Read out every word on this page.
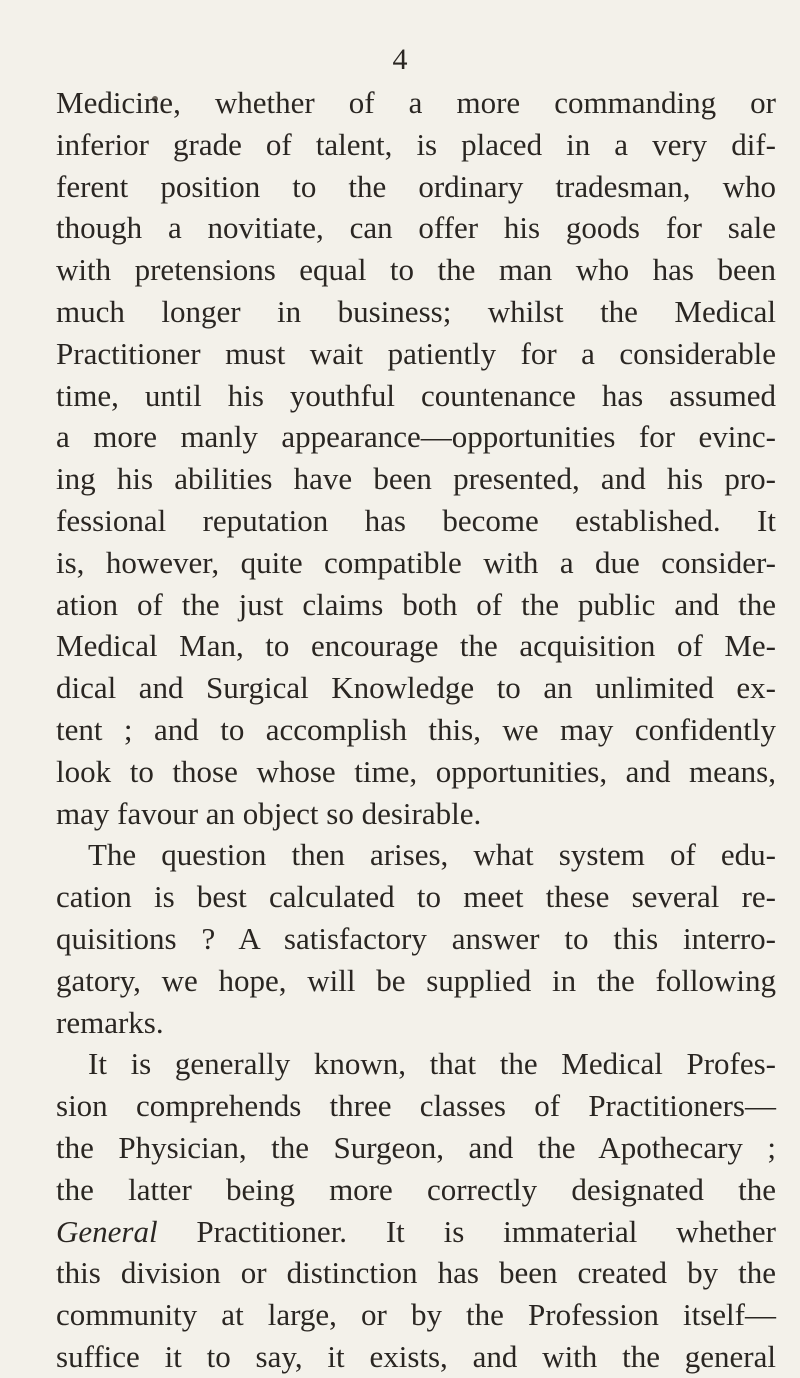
4
Medicine, whether of a more commanding or
inferior grade of talent, is placed in a very dif-
ferent position to the ordinary tradesman, who
though a novitiate, can offer his goods for sale
with pretensions equal to the man who has been
much longer in business; whilst the Medical
Practitioner must wait patiently for a considerable
time, until his youthful countenance has assumed
a more manly appearance—opportunities for evinc-
ing his abilities have been presented, and his pro-
fessional reputation has become established. It
is, however, quite compatible with a due consider-
ation of the just claims both of the public and the
Medical Man, to encourage the acquisition of Me-
dical and Surgical Knowledge to an unlimited ex-
tent ; and to accomplish this, we may confidently
look to those whose time, opportunities, and means,
may favour an object so desirable.
The question then arises, what system of edu-
cation is best calculated to meet these several re-
quisitions ? A satisfactory answer to this interro-
gatory, we hope, will be supplied in the following
remarks.
It is generally known, that the Medical Profes-
sion comprehends three classes of Practitioners—
the Physician, the Surgeon, and the Apothecary ;
the latter being more correctly designated the
General Practitioner. It is immaterial whether
this division or distinction has been created by the
community at large, or by the Profession itself—
suffice it to say, it exists, and with the general
